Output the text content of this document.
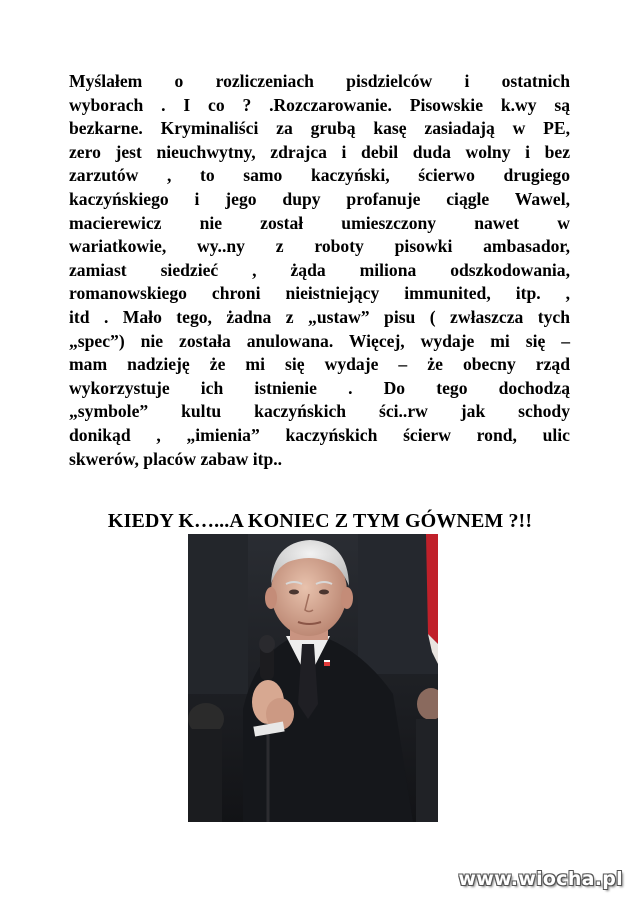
Myślałem o rozliczeniach pisdzielców i ostatnich
wyborach . I co ? .Rozczarowanie. Pisowskie k.wy są
bezkarne. Kryminaliści za grubą kasę zasiadają w PE,
zero jest nieuchwytny, zdrajca i debil duda wolny i bez
zarzutów , to samo kaczyński, ścierwo drugiego
kaczyńskiego i jego dupy profanuje ciągle Wawel,
macierewicz nie został umieszczony nawet w
wariatkowie, wy..ny z roboty pisowki ambasador,
zamiast siedzieć , żąda miliona odszkodowania,
romanowskiego chroni nieistniejący immunited, itp. ,
itd . Mało tego, żadna z „ustaw” pisu ( zwłaszcza tych
„spec”) nie została anulowana. Więcej, wydaje mi się –
mam nadzieję że mi się wydaje – że obecny rząd
wykorzystuje ich istnienie . Do tego dochodzą
„symbole” kultu kaczyńskich ści..rw jak schody
donikąd , „imienia” kaczyńskich ścierw rond, ulic
skwerów, placów zabaw itp..
KIEDY K…...A KONIEC Z TYM GÓWNEM ?!!
www.wiocha.pl
